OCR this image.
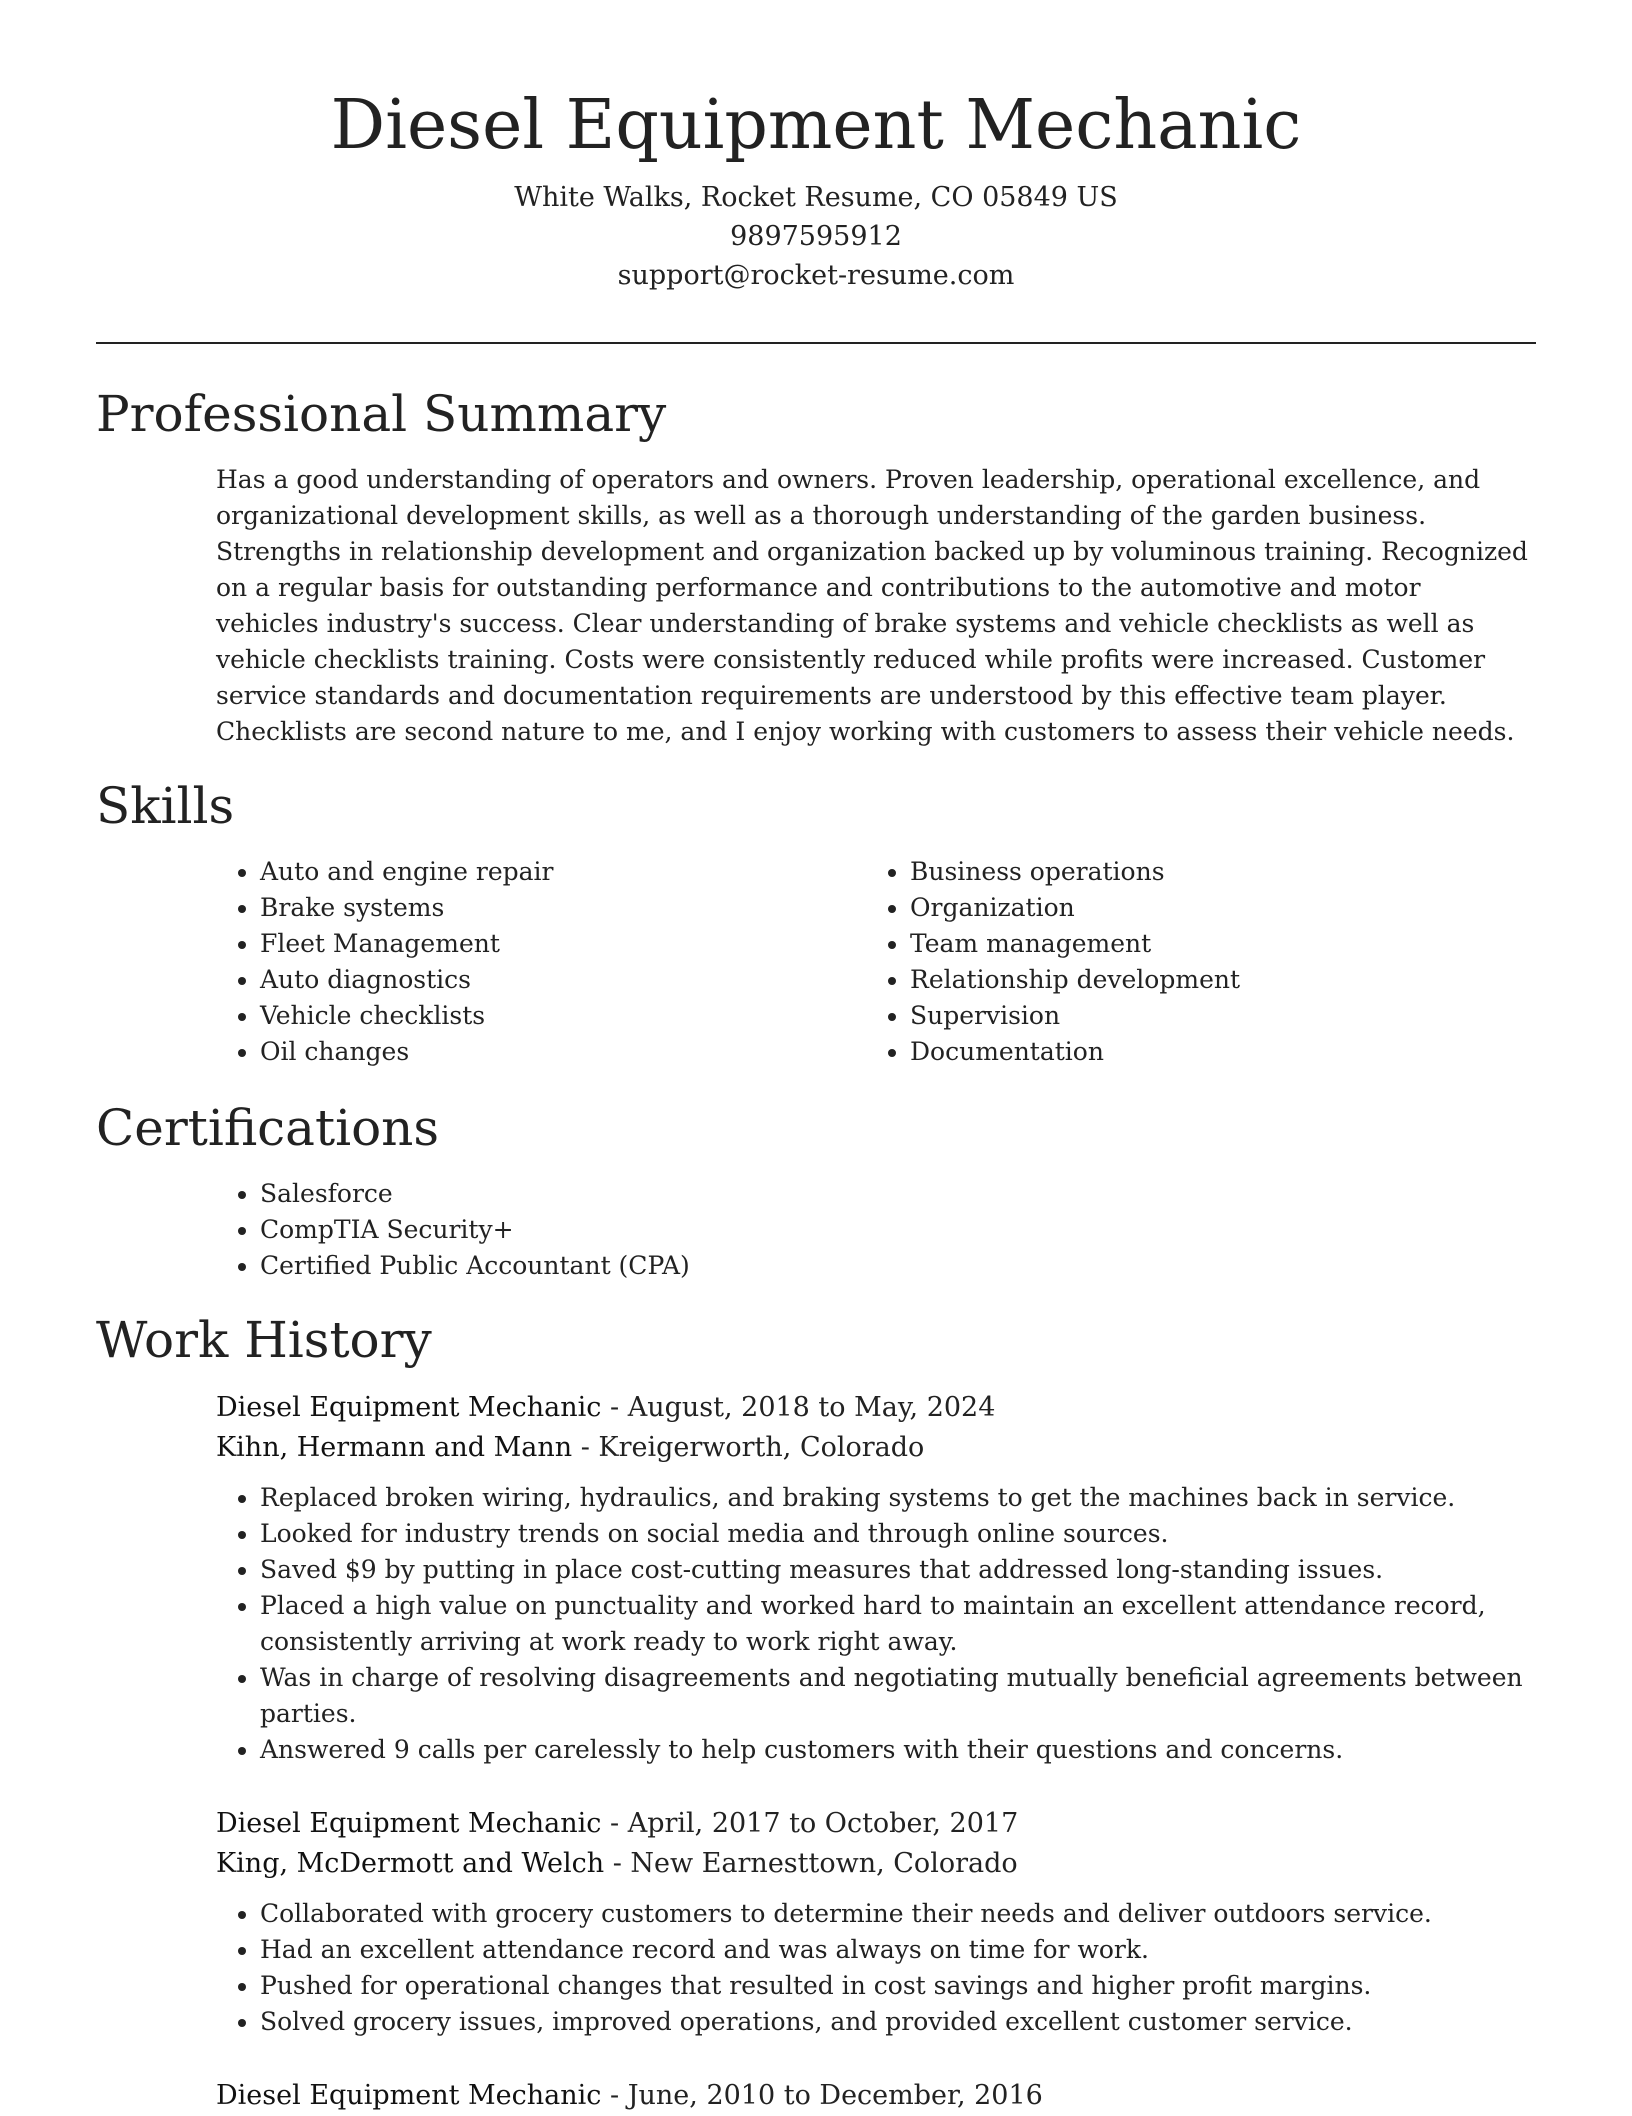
Diesel Equipment Mechanic
White Walks, Rocket Resume, CO 05849 US
9897595912
support@rocket-resume.com
Professional Summary

Has a good understanding of operators and owners. Proven leadership, operational excellence, and organizational development skills, as well as a thorough understanding of the garden business. Strengths in relationship development and organization backed up by voluminous training. Recognized on a regular basis for outstanding performance and contributions to the automotive and motor vehicles industry's success. Clear understanding of brake systems and vehicle checklists as well as vehicle checklists training. Costs were consistently reduced while profits were increased. Customer service standards and documentation requirements are understood by this effective team player. Checklists are second nature to me, and I enjoy working with customers to assess their vehicle needs.

Skills
• Auto and engine repair
• Brake systems
• Fleet Management
• Auto diagnostics
• Vehicle checklists
• Oil changes
• Business operations
• Organization
• Team management
• Relationship development
• Supervision
• Documentation
Certifications
• Salesforce
• CompTIA Security+
• Certified Public Accountant (CPA)
Work History
Diesel Equipment Mechanic - August, 2018 to May, 2024
Kihn, Hermann and Mann - Kreigerworth, Colorado
• Replaced broken wiring, hydraulics, and braking systems to get the machines back in service.
• Looked for industry trends on social media and through online sources.
• Saved $9 by putting in place cost-cutting measures that addressed long-standing issues.
• Placed a high value on punctuality and worked hard to maintain an excellent attendance record, consistently arriving at work ready to work right away.
• Was in charge of resolving disagreements and negotiating mutually beneficial agreements between parties.
• Answered 9 calls per carelessly to help customers with their questions and concerns.
Diesel Equipment Mechanic - April, 2017 to October, 2017
King, McDermott and Welch - New Earnesttown, Colorado
• Collaborated with grocery customers to determine their needs and deliver outdoors service.
• Had an excellent attendance record and was always on time for work.
• Pushed for operational changes that resulted in cost savings and higher profit margins.
• Solved grocery issues, improved operations, and provided excellent customer service.
Diesel Equipment Mechanic - June, 2010 to December, 2016
